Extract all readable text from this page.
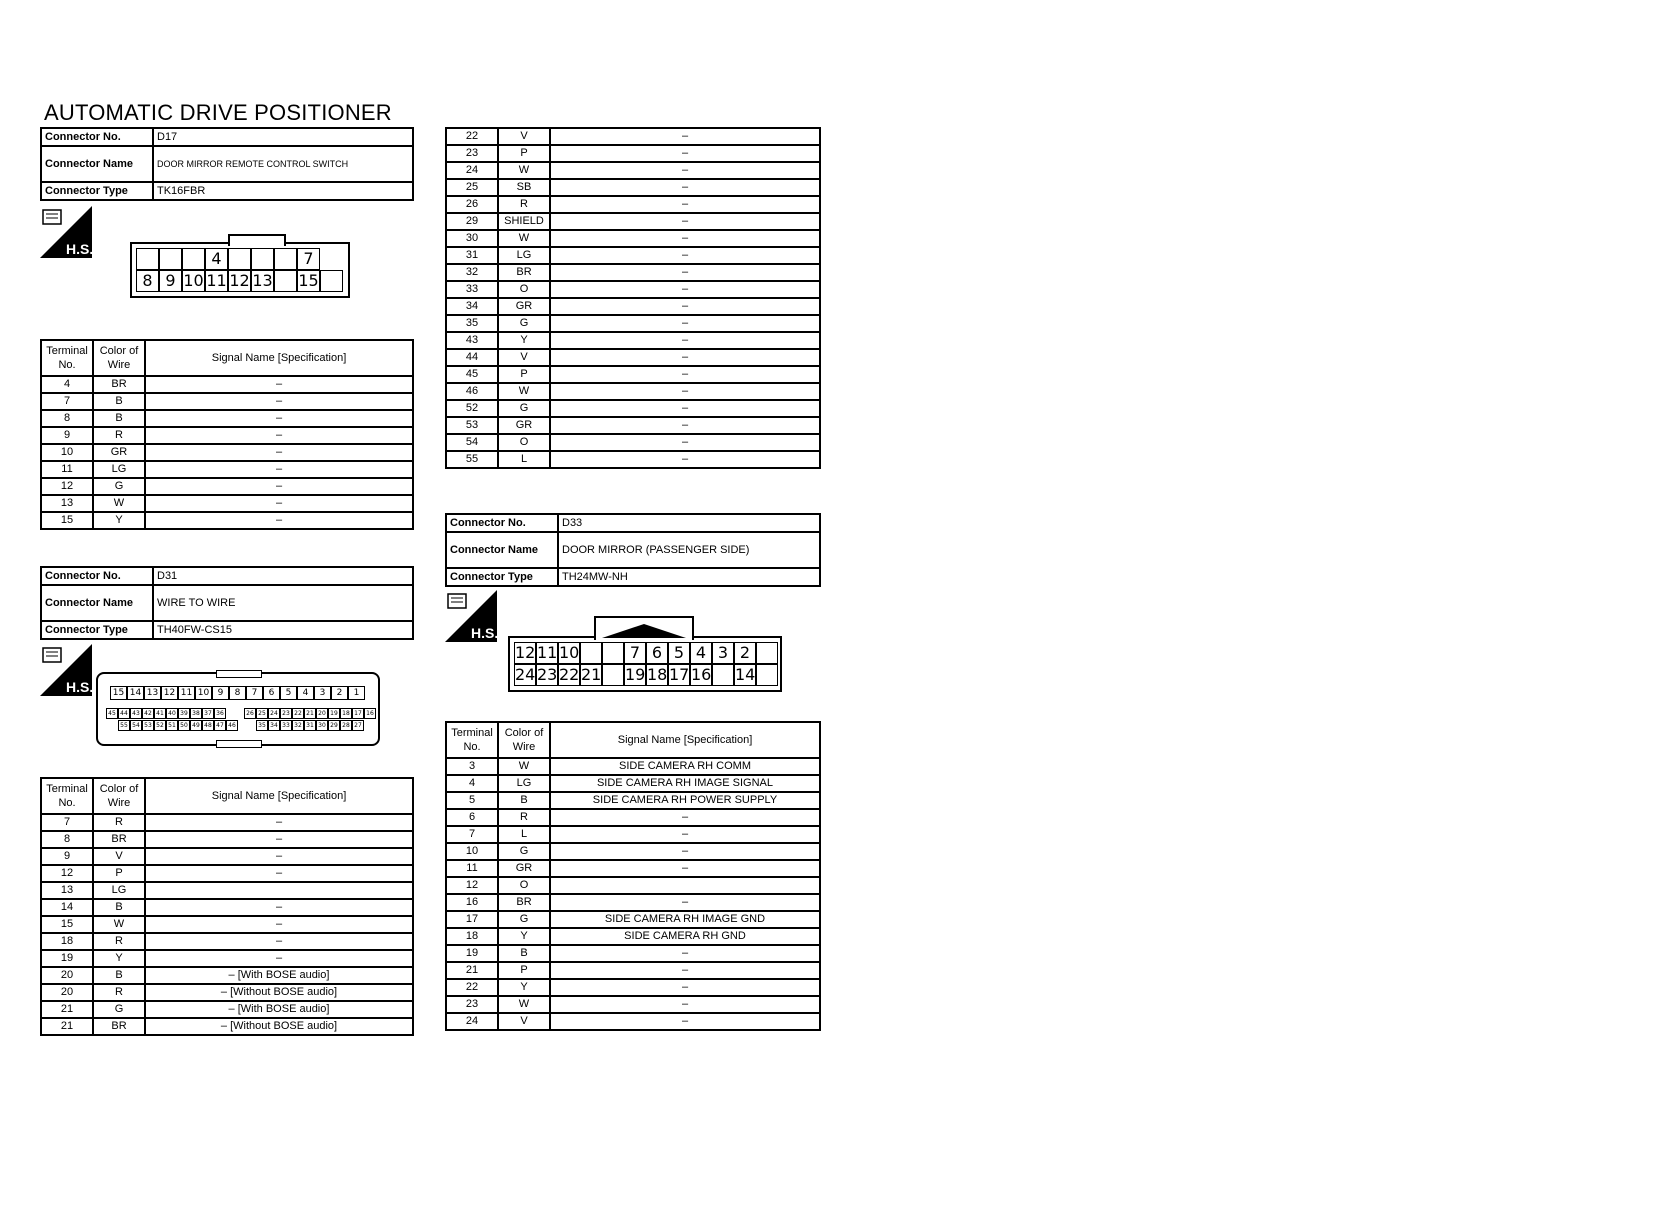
AUTOMATIC DRIVE POSITIONER
Connector No.	D17
Connector Name	DOOR MIRROR REMOTE CONTROL SWITCH
Connector Type	TK16FBR
H.S.	4	7
8 9 10 11 12 13 15
Terminal No.	Color of Wire	Signal Name [Specification]
4	BR	–
7	B	–
8	B	–
9	R	–
10	GR	–
11	LG	–
12	G	–
13	W	–
15	Y	–
Connector No.	D31
Connector Name	WIRE TO WIRE
Connector Type	TH40FW-CS15
H.S.	15 14 13 12 11 10 9	8	7	6	5	4	3	2	1
45 44 43 42 41 40 39 38 37 36	26 25 24 23 22 21 20 19 18 17 16
55 54 53 52 51 50 49 48 47 46	35 34 33 32 31 30 29 28 27
Terminal No.	Color of Wire	Signal Name [Specification]
7	R	–
8	BR	–
9	V	–
12	P	–
13	LG	
14	B	–
15	W	–
18	R	–
19	Y	–
20	B	– [With BOSE audio]
20	R	– [Without BOSE audio]
21	G	– [With BOSE audio]
21	BR	– [Without BOSE audio]
22	V	–
23	P	–
24	W	–
25	SB	–
26	R	–
29	SHIELD	–
30	W	–
31	LG	–
32	BR	–
33	O	–
34	GR	–
35	G	–
43	Y	–
44	V	–
45	P	–
46	W	–
52	G	–
53	GR	–
54	O	–
55	L	–
Connector No.	D33
Connector Name	DOOR MIRROR (PASSENGER SIDE)
Connector Type	TH24MW-NH
H.S.
12 11 10	7 6 5 4 3 2
24 23 22 21 19 18 17 16 14
Terminal No.	Color of Wire	Signal Name [Specification]
3	W	SIDE CAMERA RH COMM
4	LG	SIDE CAMERA RH IMAGE SIGNAL
5	B	SIDE CAMERA RH POWER SUPPLY
6	R	–
7	L	–
10	G	–
11	GR	–
12	O	
16	BR	–
17	G	SIDE CAMERA RH IMAGE GND
18	Y	SIDE CAMERA RH GND
19	B	–
21	P	–
22	Y	–
23	W	–
24	V	–
